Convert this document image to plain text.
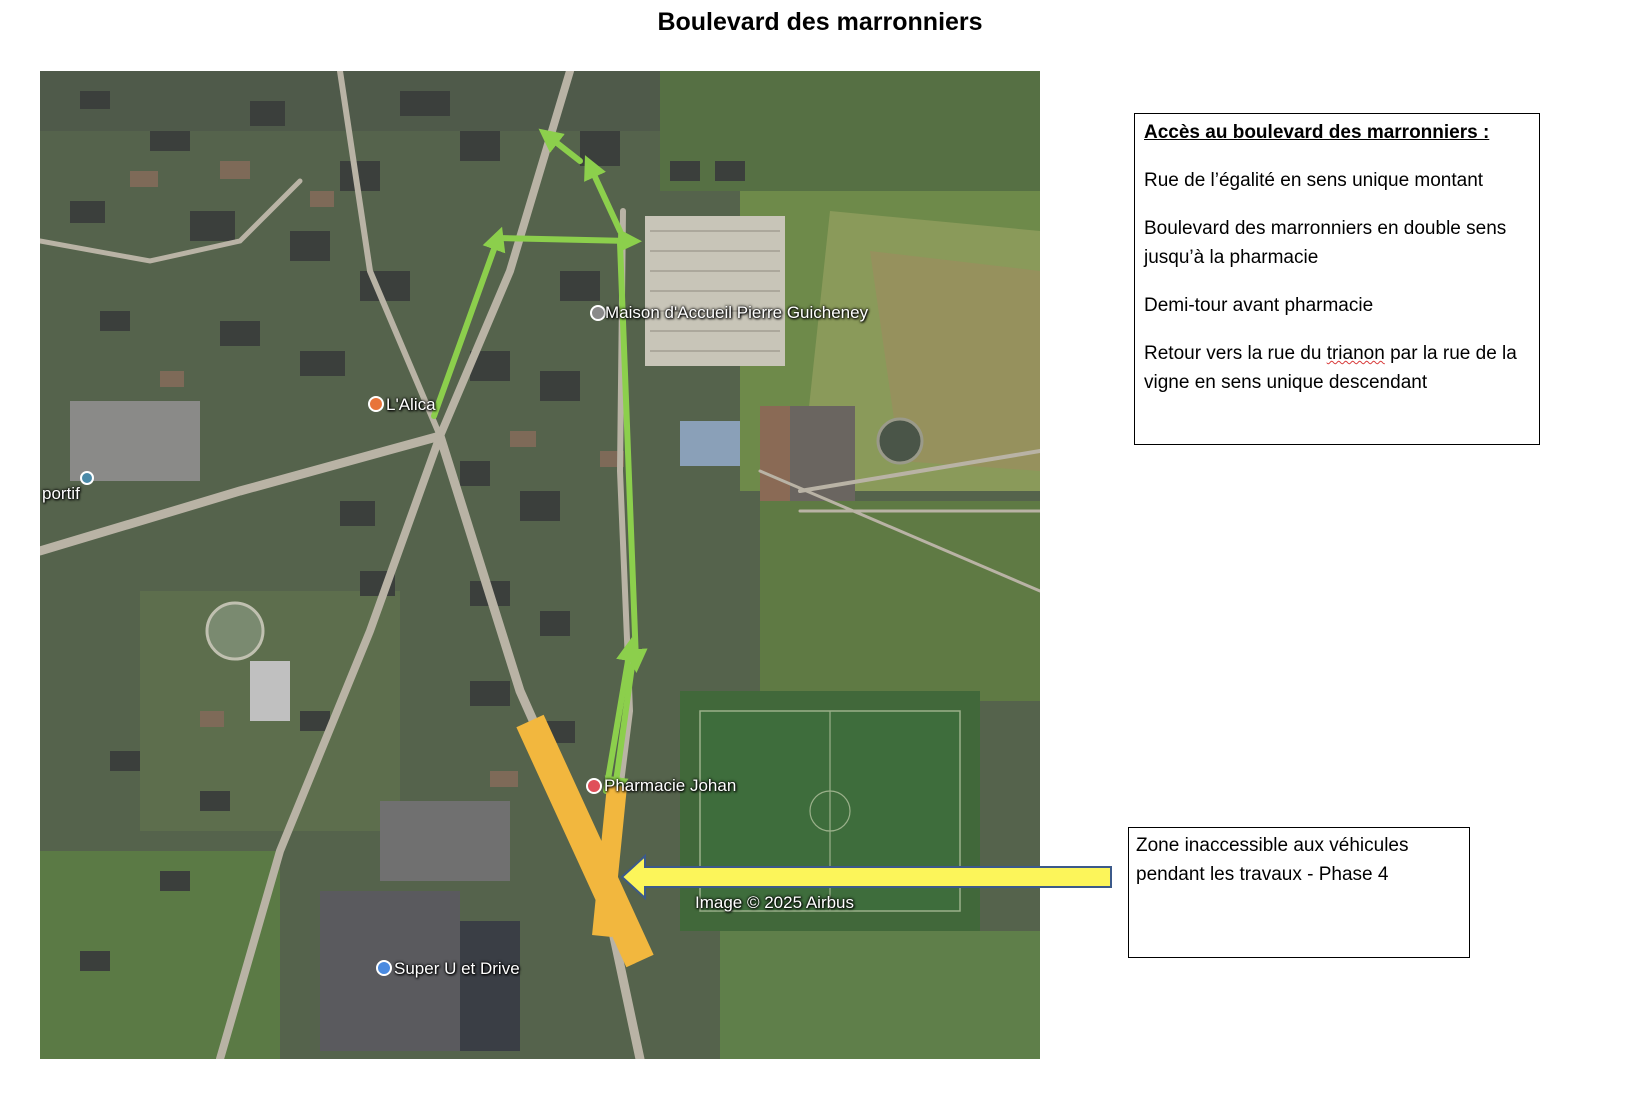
Boulevard des marronniers
Maison d'Accueil Pierre Guicheney
L'Alica
portif
Pharmacie Johan
Super U et Drive
Image © 2025 Airbus
Accès au boulevard des marronniers :

Rue de l’égalité en sens unique montant

Boulevard des marronniers en double sens jusqu’à la pharmacie

Demi-tour avant pharmacie

Retour vers la rue du trianon par la rue de la vigne en sens unique descendant

Zone inaccessible aux véhicules pendant les travaux - Phase 4
